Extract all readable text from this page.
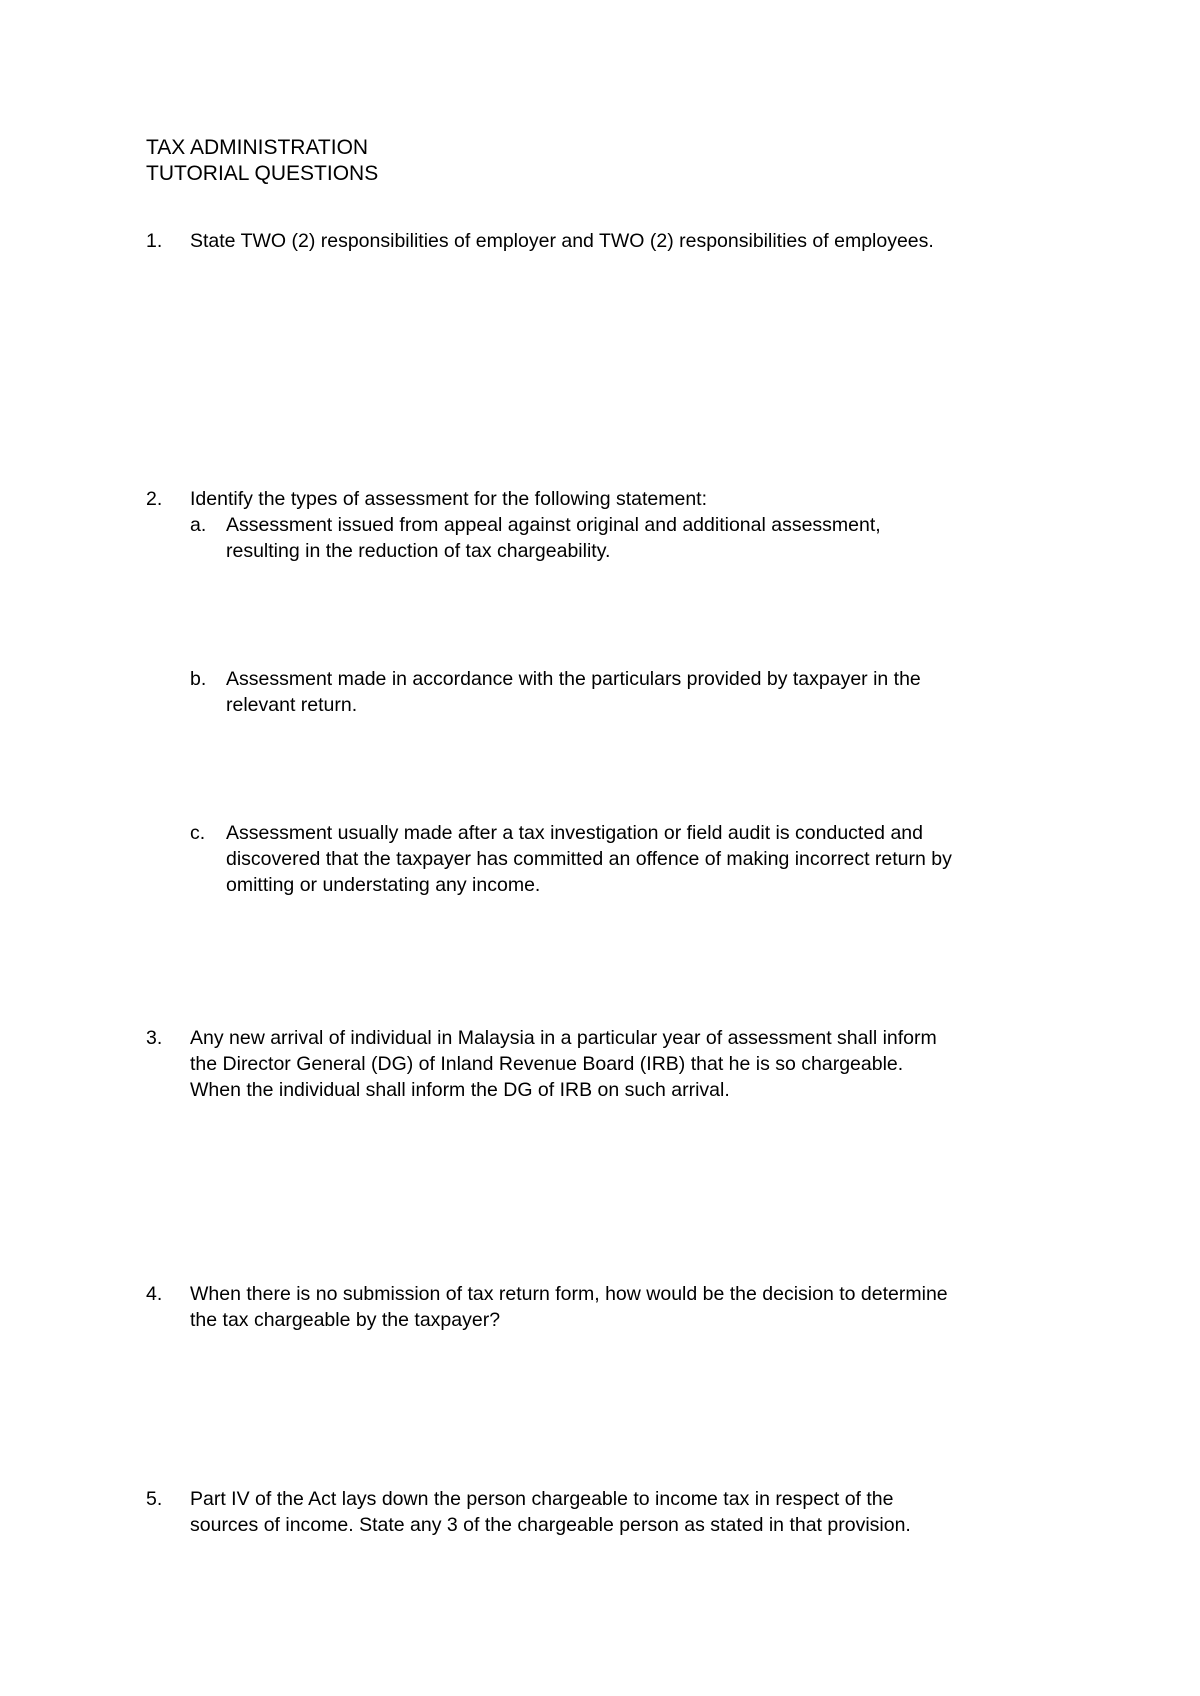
TAX ADMINISTRATION
TUTORIAL QUESTIONS
1. State TWO (2) responsibilities of employer and TWO (2) responsibilities of employees.
2. Identify the types of assessment for the following statement:
a. Assessment issued from appeal against original and additional assessment,
resulting in the reduction of tax chargeability.
b. Assessment made in accordance with the particulars provided by taxpayer in the
relevant return.
c. Assessment usually made after a tax investigation or field audit is conducted and
discovered that the taxpayer has committed an offence of making incorrect return by
omitting or understating any income.
3. Any new arrival of individual in Malaysia in a particular year of assessment shall inform
the Director General (DG) of Inland Revenue Board (IRB) that he is so chargeable.
When the individual shall inform the DG of IRB on such arrival.
4. When there is no submission of tax return form, how would be the decision to determine
the tax chargeable by the taxpayer?
5. Part IV of the Act lays down the person chargeable to income tax in respect of the
sources of income. State any 3 of the chargeable person as stated in that provision.
